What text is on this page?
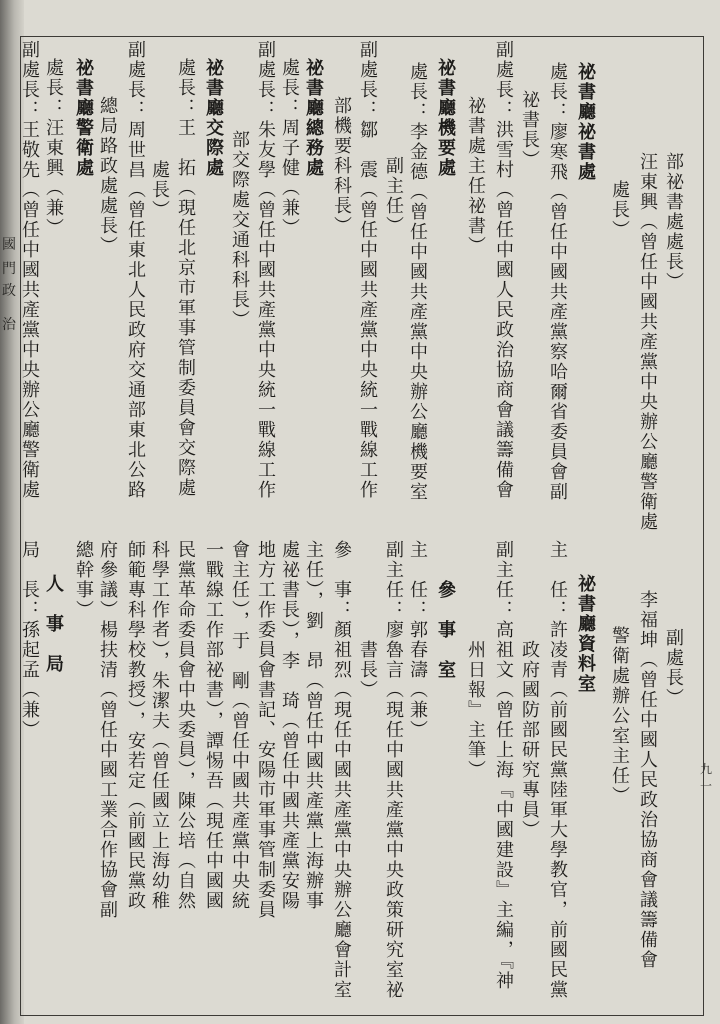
國
門
政
治
部祕書處處長）
汪東興（曾任中國共產黨中央辦公廳警衛處
處長）
祕書廳祕書處
處長：廖寒飛（曾任中國共產黨察哈爾省委員會副
祕書長）
副處長：洪雪村（曾任中國人民政治協商會議籌備會
祕書處主任祕書）
祕書廳機要處
處長：李金德（曾任中國共產黨中央辦公廳機要室
副主任）
副處長：鄒　震（曾任中國共產黨中央統一戰線工作
部機要科科長）
祕書廳總務處
處長：周子健（兼）
副處長：朱友學（曾任中國共產黨中央統一戰線工作
部交際處交通科科長）
祕書廳交際處
處長：王　拓（現任北京市軍事管制委員會交際處
處長）
副處長：周世昌（曾任東北人民政府交通部東北公路
總局路政處處長）
祕書廳警衛處
處長：汪東興（兼）
副處長：王敬先（曾任中國共產黨中央辦公廳警衛處
副處長）
李福坤（曾任中國人民政治協商會議籌備會
警衛處辦公室主任）
祕書廳資料室
主　任：許凌青（前國民黨陸軍大學教官，前國民黨
政府國防部研究專員）
副主任：高祖文（曾任上海『中國建設』主編，『神
州日報』主筆）
參　事　室
主　任：郭春濤（兼）
副主任：廖魯言（現任中國共產黨中央政策研究室祕
書長）
參　事：顏祖烈（現任中國共產黨中央辦公廳會計室
主任），劉　昂（曾任中國共產黨上海辦事
處祕書長），李　琦（曾任中國共產黨安陽
地方工作委員會書記、安陽市軍事管制委員
會主任），于　剛（曾任中國共產黨中央統
一戰線工作部祕書），譚惕吾（現任中國國
民黨革命委員會中央委員），陳公培（自然
科學工作者），朱潔夫（曾任國立上海幼稚
師範專科學校教授），安若定（前國民黨政
府參議）楊扶清（曾任中國工業合作協會副
總幹事）
人　事　局
局　長：孫起孟（兼）
九一
